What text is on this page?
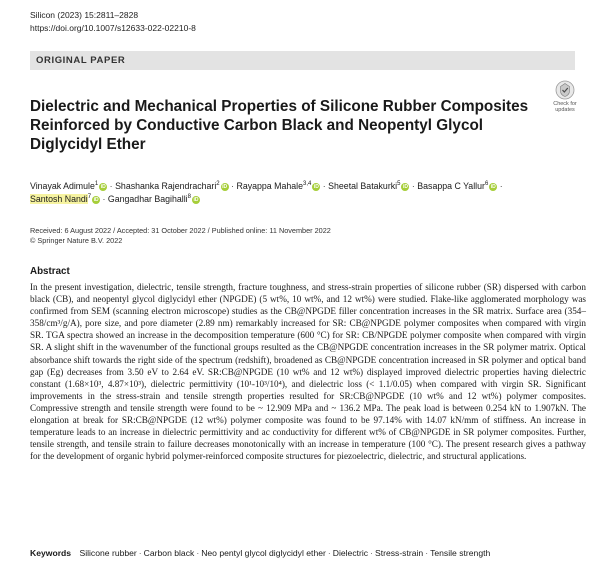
Silicon (2023) 15:2811–2828
https://doi.org/10.1007/s12633-022-02210-8
ORIGINAL PAPER
Check for updates
Dielectric and Mechanical Properties of Silicone Rubber Composites Reinforced by Conductive Carbon Black and Neopentyl Glycol Diglycidyl Ether
Vinayak Adimule$^1$ iD · Shashanka Rajendrachari$^2$ iD · Rayappa Mahale$^{3,4}$ iD · Sheetal Batakurki$^5$ iD · Basappa C Yallur$^6$ iD · Santosh Nandi$^7$ iD · Gangadhar Bagihalli$^8$ iD
Received: 6 August 2022 / Accepted: 31 October 2022 / Published online: 11 November 2022
© Springer Nature B.V. 2022
Abstract

In the present investigation, dielectric, tensile strength, fracture toughness, and stress-strain properties of silicone rubber (SR) dispersed with carbon black (CB), and neopentyl glycol diglycidyl ether (NPGDE) (5 wt%, 10 wt%, and 12 wt%) were studied. Flake-like agglomerated morphology was confirmed from SEM (scanning electron microscope) studies as the CB@NPGDE filler concentration increases in the SR matrix. Surface area (354–358/cm³/g/A), pore size, and pore diameter (2.89 nm) remarkably increased for SR: CB@NPGDE polymer composites when compared with virgin SR. TGA spectra showed an increase in the decomposition temperature (600 °C) for SR: CB/NPGDE polymer composite when compared with virgin SR. A slight shift in the wavenumber of the functional groups resulted as the CB@NPGDE concentration increases in the SR polymer matrix. Optical absorbance shift towards the right side of the spectrum (redshift), broadened as CB@NPGDE concentration increased in SR polymer and optical band gap (Eg) decreases from 3.50 eV to 2.64 eV. SR:CB@NPGDE (10 wt% and 12 wt%) displayed improved dielectric properties having dielectric constant (1.68×10³, 4.87×10³), dielectric permittivity (10¹-10³/10⁴), and dielectric loss (< 1.1/0.05) when compared with virgin SR. Significant improvements in the stress-strain and tensile strength properties resulted for SR:CB@NPGDE (10 wt% and 12 wt%) polymer composites. Compressive strength and tensile strength were found to be ~ 12.909 MPa and ~ 136.2 MPa. The peak load is between 0.254 kN to 1.907kN. The elongation at break for SR:CB@NPGDE (12 wt%) polymer composite was found to be 97.14% with 14.07 kN/mm of stiffness. An increase in temperature leads to an increase in dielectric permittivity and ac conductivity for different wt% of CB@NPGDE in SR polymer composites. Further, tensile strength, and tensile strain to failure decreases monotonically with an increase in temperature (100 °C). The present research gives a pathway for the development of organic hybrid polymer-reinforced composite structures for piezoelectric, dielectric, and structural applications.

Keywords Silicone rubber · Carbon black · Neo pentyl glycol diglycidyl ether · Dielectric · Stress-strain · Tensile strength
